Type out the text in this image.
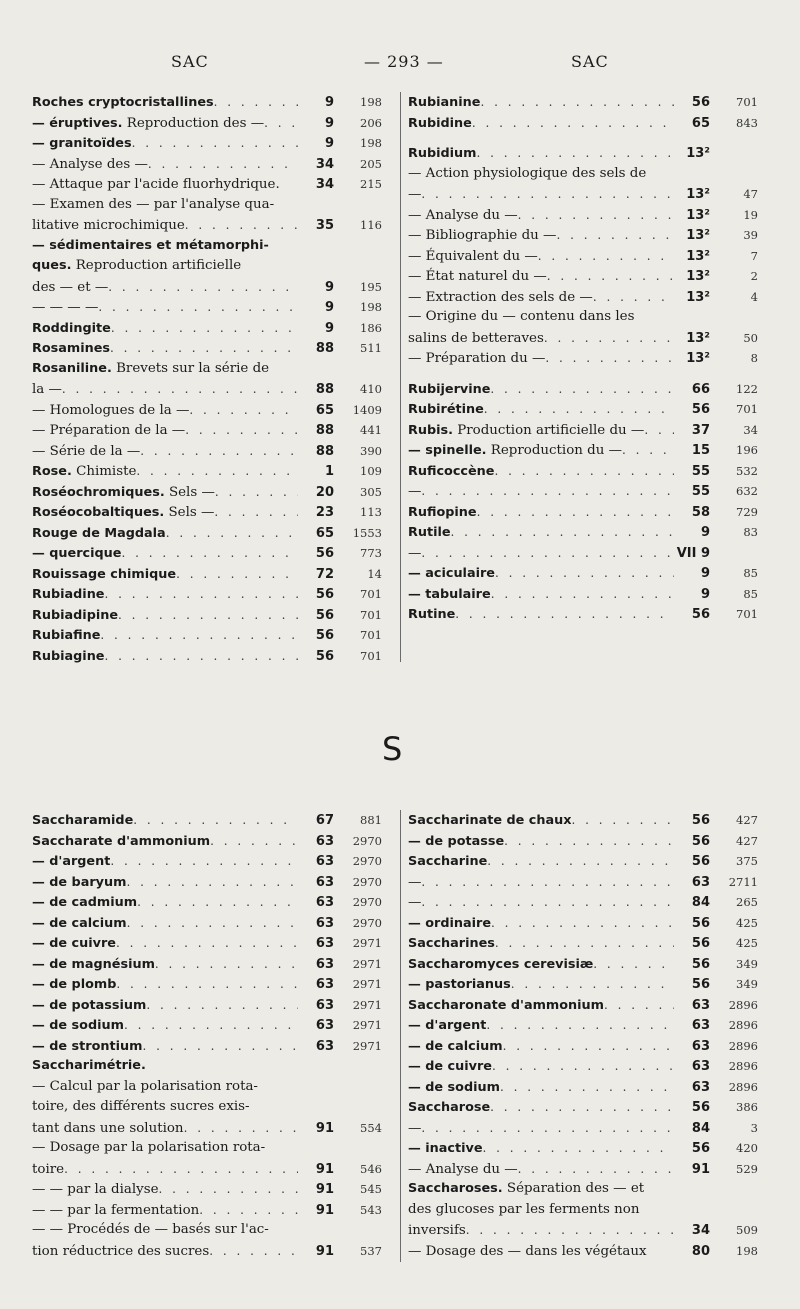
SAC	— 293 —	SAC
S
Roches cryptocristallines . . .	9	198
— éruptives. Reproduction des — . . .	9	206
— granitoïdes . . .	9	198
— Analyse des — . . .	34	205
— Attaque par l'acide fluorhydrique.	34	215
— Examen des — par l'analyse qua-
litative microchimique . . .	35	116
— sédimentaires et métamorphi-
ques. Reproduction artificielle
des — et — . . .	9	195
— — — — . . .	9	198
Roddingite . . .	9	186
Rosamines . . .	88	511
Rosaniline. Brevets sur la série de
la — . . .	88	410
— Homologues de la — . . .	65	1409
— Préparation de la — . . .	88	441
— Série de la — . . .	88	390
Rose. Chimiste . . .	1	109
Roséochromiques. Sels — . . .	20	305
Roséocobaltiques. Sels — . . .	23	113
Rouge de Magdala . . .	65	1553
— quercique . . .	56	773
Rouissage chimique . . .	72	14
Rubiadine . . .	56	701
Rubiadipine . . .	56	701
Rubiafine . . .	56	701
Rubiagine . . .	56	701
Rubianine . . .	56	701
Rubidine . . .	65	843
Rubidium . . .	13²
— Action physiologique des sels de
— . . .	13²	47
— Analyse du — . . .	13²	19
— Bibliographie du — . . .	13²	39
— Équivalent du — . . .	13²	7
— État naturel du — . . .	13²	2
— Extraction des sels de — . . .	13²	4
— Origine du — contenu dans les
salins de betteraves . . .	13²	50
— Préparation du — . . .	13²	8
Rubijervine . . .	66	122
Rubirétine . . .	56	701
Rubis. Production artificielle du — . . .	37	34
— spinelle. Reproduction du — . . .	15	196
Ruficoccène . . .	55	532
— . . .	55	632
Rufiopine . . .	58	729
Rutile . . .	9	83
— . . .	VII 9
— aciculaire . . .	9	85
— tabulaire . . .	9	85
Rutine . . .	56	701
Saccharamide . . .	67	881
Saccharate d'ammonium . . .	63	2970
— d'argent . . .	63	2970
— de baryum . . .	63	2970
— de cadmium . . .	63	2970
— de calcium . . .	63	2970
— de cuivre . . .	63	2971
— de magnésium . . .	63	2971
— de plomb . . .	63	2971
— de potassium . . .	63	2971
— de sodium . . .	63	2971
— de strontium . . .	63	2971
Saccharimétrie.
— Calcul par la polarisation rota-
toire, des différents sucres exis-
tant dans une solution . . .	91	554
— Dosage par la polarisation rota-
toire . . .	91	546
— — par la dialyse . . .	91	545
— — par la fermentation . . .	91	543
— — Procédés de — basés sur l'ac-
tion réductrice des sucres . . .	91	537
Saccharinate de chaux . . .	56	427
— de potasse . . .	56	427
Saccharine . . .	56	375
— . . .	63	2711
— . . .	84	265
— ordinaire . . .	56	425
Saccharines . . .	56	425
Saccharomyces cerevisiæ . . .	56	349
— pastorianus . . .	56	349
Saccharonate d'ammonium . . .	63	2896
— d'argent . . .	63	2896
— de calcium . . .	63	2896
— de cuivre . . .	63	2896
— de sodium . . .	63	2896
Saccharose . . .	56	386
— . . .	84	3
— inactive . . .	56	420
— Analyse du — . . .	91	529
Saccharoses. Séparation des — et
des glucoses par les ferments non
inversifs . . .	34	509
— Dosage des — dans les végétaux	80	198
